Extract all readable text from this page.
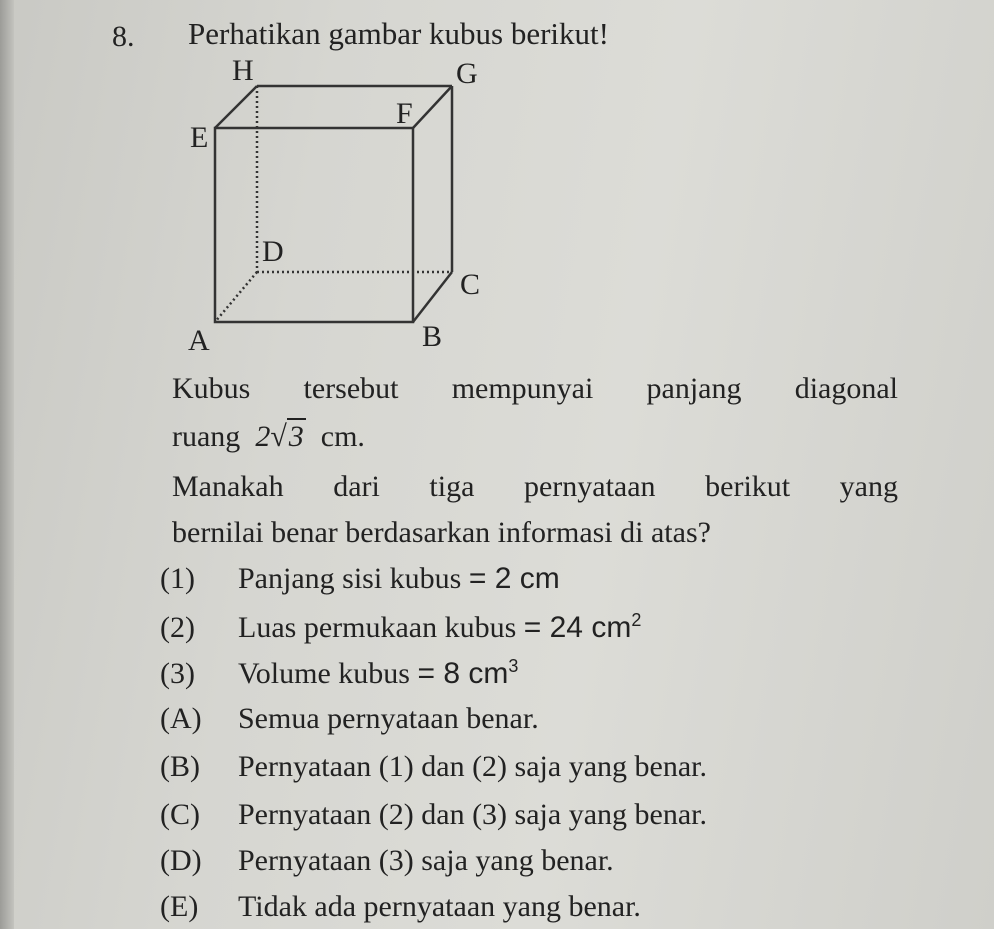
8. Perhatikan gambar kubus berikut!
H	G
E
F
D
C
A	B
Kubus tersebut mempunyai panjang diagonal
ruang 2√3 cm.
Manakah dari tiga pernyataan berikut yang
bernilai benar berdasarkan informasi di atas?
(1) Panjang sisi kubus = 2 cm
(2) Luas permukaan kubus = 24 $cm^2$
(3) Volume kubus = 8 $cm^3$
(A) Semua pernyataan benar.
(B) Pernyataan (1) dan (2) saja yang benar.
(C) Pernyataan (2) dan (3) saja yang benar.
(D) Pernyataan (3) saja yang benar.
(E) Tidak ada pernyataan yang benar.
